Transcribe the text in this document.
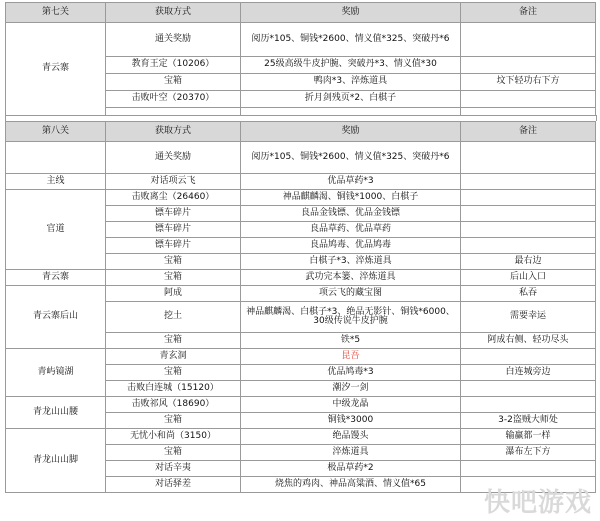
第七关	获取方式	奖励	备注
青云寨	通关奖励	阅历*105、铜钱*2600、情义值*325、突破丹*6	
	教育王定（10206）	25级高级牛皮护腕、突破丹*3、情义值*30	
	宝箱	鸭肉*3、淬炼道具	坟下轻功右下方
	击败叶空（20370）	折月剑残页*2、白棋子	

第八关	获取方式	奖励	备注
	通关奖励	阅历*105、铜钱*2600、情义值*325、突破丹*6	
主线	对话项云飞	优品草药*3	
官道	击败离尘（26460）	神品麒麟渴、铜钱*1000、白棋子	
	镖车碎片	良品金钱镖、优品金钱镖	
	镖车碎片	良品草药、优品草药	
	镖车碎片	良品鸠毒、优品鸠毒	
	宝箱	白棋子*3、淬炼道具	最右边
青云寨	宝箱	武功完本篓、淬炼道具	后山入口
青云寨后山	阿成	项云飞的藏宝图	私吞
	挖土	神品麒麟渴、白棋子*3、绝品无影针、铜钱*6000、30级传说牛皮护腕	需要幸运
	宝箱	铁*5	阿成右侧、轻功尽头
青屿镜湖	青玄洞	昆吾	
	宝箱	优品鸠毒*3	白连城旁边
	击败白连城（15120）	潮汐一剑	
青龙山山腰	击败祁风（18690）	中级龙晶	
	宝箱	铜钱*3000	3-2盗贼大师处
青龙山山脚	无忧小和尚（3150）	绝品馒头	输赢都一样
	宝箱	淬炼道具	瀑布左下方
	对话辛夷	极品草药*2	
	对话驿差	烧焦的鸡肉、神品高粱酒、情义值*65	
快吧游戏
